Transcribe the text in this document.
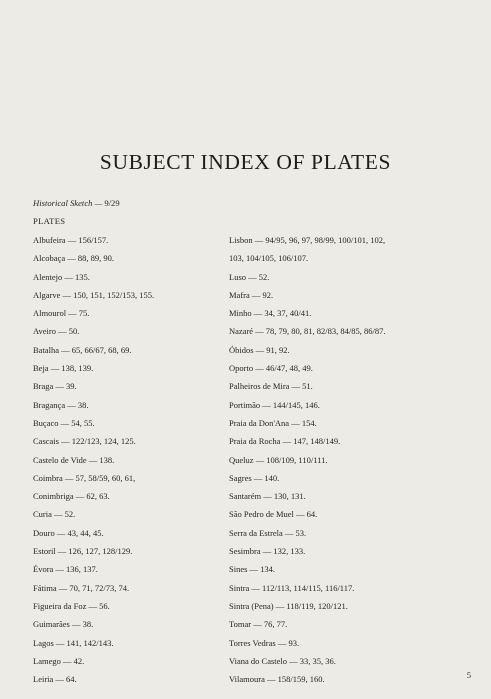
SUBJECT INDEX OF PLATES
Historical Sketch — 9/29
PLATES
Albufeira — 156/157.
Alcobaça — 88, 89, 90.
Alentejo — 135.
Algarve — 150, 151, 152/153, 155.
Almourol — 75.
Aveiro — 50.
Batalha — 65, 66/67, 68, 69.
Beja — 138, 139.
Braga — 39.
Bragança — 38.
Buçaco — 54, 55.
Cascais — 122/123, 124, 125.
Castelo de Vide — 138.
Coimbra — 57, 58/59, 60, 61,
Conimbriga — 62, 63.
Curia — 52.
Douro — 43, 44, 45.
Estoril — 126, 127, 128/129.
Évora — 136, 137.
Fátima — 70, 71, 72/73, 74.
Figueira da Foz — 56.
Guimarães — 38.
Lagos — 141, 142/143.
Lamego — 42.
Leiria — 64.
Lisbon — 94/95, 96, 97, 98/99, 100/101, 102,
103, 104/105, 106/107.
Luso — 52.
Mafra — 92.
Minho — 34, 37, 40/41.
Nazaré — 78, 79, 80, 81, 82/83, 84/85, 86/87.
Óbidos — 91, 92.
Oporto — 46/47, 48, 49.
Palheiros de Mira — 51.
Portimão — 144/145, 146.
Praia da Don'Ana — 154.
Praia da Rocha — 147, 148/149.
Queluz — 108/109, 110/111.
Sagres — 140.
Santarém — 130, 131.
São Pedro de Muel — 64.
Serra da Estrela — 53.
Sesimbra — 132, 133.
Sines — 134.
Sintra — 112/113, 114/115, 116/117.
Sintra (Pena) — 118/119, 120/121.
Tomar — 76, 77.
Torres Vedras — 93.
Viana do Castelo — 33, 35, 36.
Vilamoura — 158/159, 160.	5
